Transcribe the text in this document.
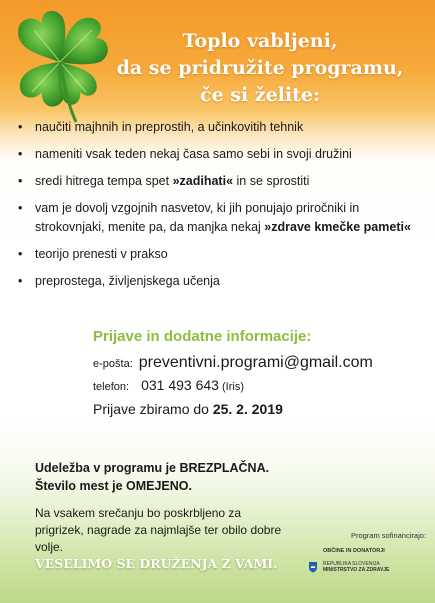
Toplo vabljeni,
da se pridružite programu,
če si želite:
• naučiti majhnih in preprostih, a učinkovitih tehnik
• nameniti vsak teden nekaj časa samo sebi in svoji družini
• sredi hitrega tempa spet »zadihati« in se sprostiti
• vam je dovolj vzgojnih nasvetov, ki jih ponujajo priročniki in strokovnjaki, menite pa, da manjka nekaj »zdrave kmečke pameti«
• teorijo prenesti v prakso
• preprostega, življenjskega učenja
Prijave in dodatne informacije:
e-pošta: preventivni.programi@gmail.com
telefon: 031 493 643 (Iris)
Prijave zbiramo do 25. 2. 2019
Udeležba v programu je BREZPLAČNA.
Število mest je OMEJENO.
Na vsakem srečanju bo poskrbljeno za prigrizek, nagrade za najmlajše ter obilo dobre volje.
VESELIMO SE DRUŽENJA Z VAMI.
Program sofinancirajo:
OBČINE IN DONATORJI
REPUBLIKA SLOVENIJA
MINISTRSTVO ZA ZDRAVJE
